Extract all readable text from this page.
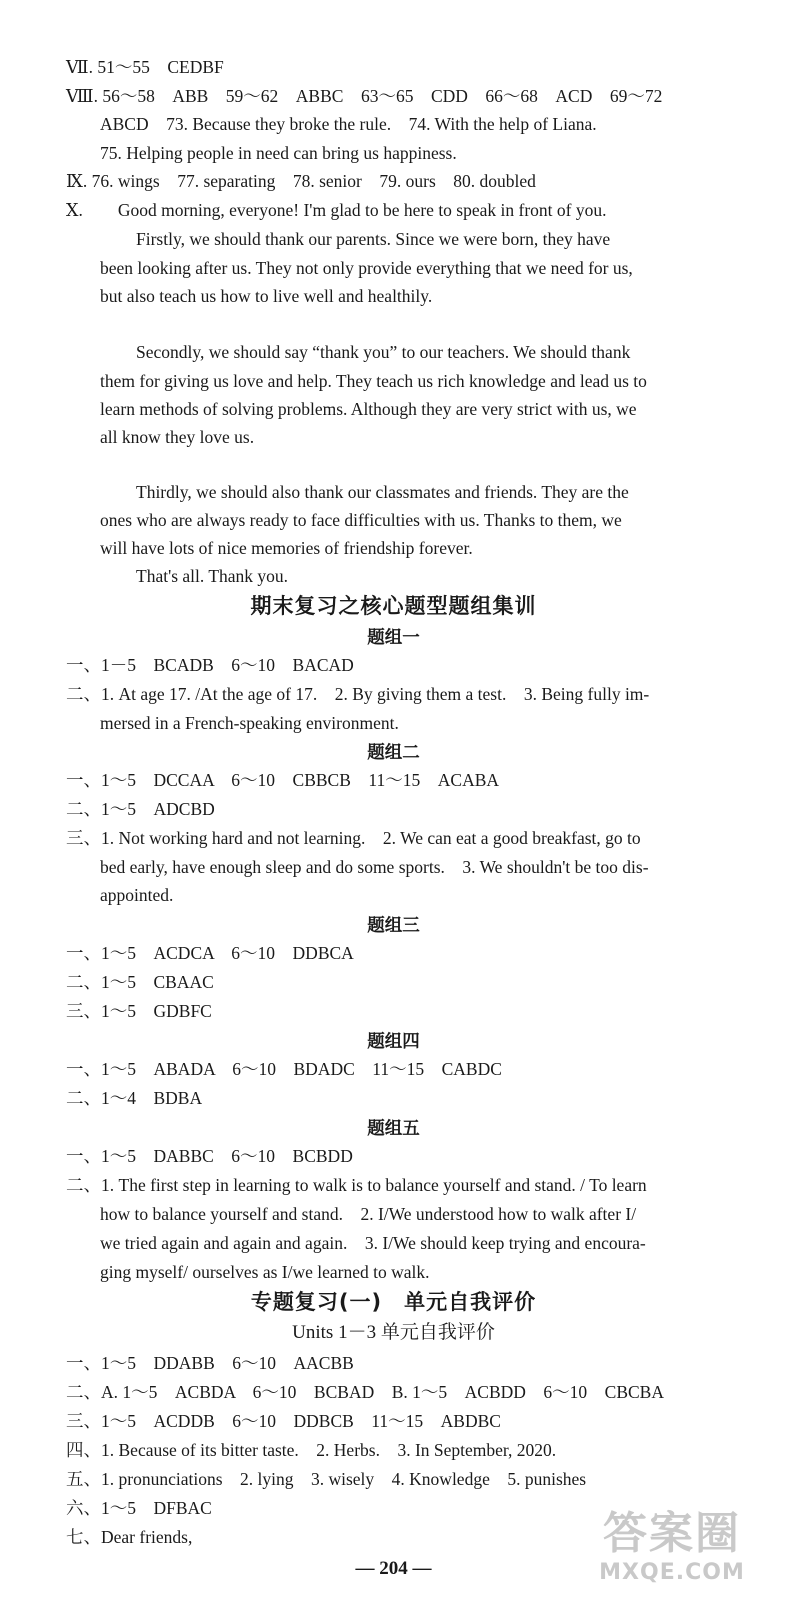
Ⅶ. 51～55　CEDBF
Ⅷ. 56～58　ABB　59～62　ABBC　63～65　CDD　66～68　ACD　69～72
ABCD　73. Because they broke the rule.　74. With the help of Liana.
75. Helping people in need can bring us happiness.
Ⅸ. 76. wings　77. separating　78. senior　79. ours　80. doubled
Ⅹ.　　Good morning, everyone! I'm glad to be here to speak in front of you.
Firstly, we should thank our parents. Since we were born, they have
been looking after us. They not only provide everything that we need for us,
but also teach us how to live well and healthily.
Secondly, we should say “thank you” to our teachers. We should thank
them for giving us love and help. They teach us rich knowledge and lead us to
learn methods of solving problems. Although they are very strict with us, we
all know they love us.
Thirdly, we should also thank our classmates and friends. They are the
ones who are always ready to face difficulties with us. Thanks to them, we
will have lots of nice memories of friendship forever.
That's all. Thank you.
期末复习之核心题型题组集训
题组一
一、1－5　BCADB　6～10　BACAD
二、1. At age 17. /At the age of 17.　2. By giving them a test.　3. Being fully im-
mersed in a French-speaking environment.
题组二
一、1～5　DCCAA　6～10　CBBCB　11～15　ACABA
二、1～5　ADCBD
三、1. Not working hard and not learning.　2. We can eat a good breakfast, go to
bed early, have enough sleep and do some sports.　3. We shouldn't be too dis-
appointed.
题组三
一、1～5　ACDCA　6～10　DDBCA
二、1～5　CBAAC
三、1～5　GDBFC
题组四
一、1～5　ABADA　6～10　BDADC　11～15　CABDC
二、1～4　BDBA
题组五
一、1～5　DABBC　6～10　BCBDD
二、1. The first step in learning to walk is to balance yourself and stand. / To learn
how to balance yourself and stand.　2. I/We understood how to walk after I/
we tried again and again and again.　3. I/We should keep trying and encoura-
ging myself/ ourselves as I/we learned to walk.
专题复习(一)　单元自我评价
Units 1－3 单元自我评价
一、1～5　DDABB　6～10　AACBB
二、A. 1～5　ACBDA　6～10　BCBAD　B. 1～5　ACBDD　6～10　CBCBA
三、1～5　ACDDB　6～10　DDBCB　11～15　ABDBC
四、1. Because of its bitter taste.　2. Herbs.　3. In September, 2020.
五、1. pronunciations　2. lying　3. wisely　4. Knowledge　5. punishes
六、1～5　DFBAC
七、Dear friends,
— 204 —
答案圈
MXQE.COM
